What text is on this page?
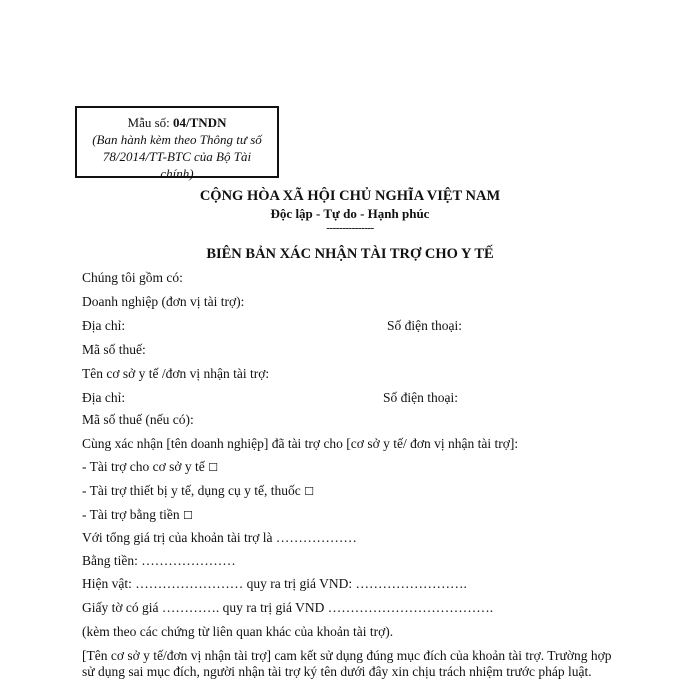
Mẫu số: 04/TNDN
(Ban hành kèm theo Thông tư số
78/2014/TT-BTC của Bộ Tài
chính)
CỘNG HÒA XÃ HỘI CHỦ NGHĨA VIỆT NAM
Độc lập - Tự do - Hạnh phúc
---------------
BIÊN BẢN XÁC NHẬN TÀI TRỢ CHO Y TẾ
Chúng tôi gồm có:
Doanh nghiệp (đơn vị tài trợ):
Địa chỉ:	Số điện thoại:
Mã số thuế:
Tên cơ sở y tế /đơn vị nhận tài trợ:
Địa chỉ:	Số điện thoại:
Mã số thuế (nếu có):
Cùng xác nhận [tên doanh nghiệp] đã tài trợ cho [cơ sở y tế/ đơn vị nhận tài trợ]:
- Tài trợ cho cơ sở y tế ☐
- Tài trợ thiết bị y tế, dụng cụ y tế, thuốc ☐
- Tài trợ bằng tiền ☐
Với tổng giá trị của khoản tài trợ là ………………
Bằng tiền: …………………
Hiện vật: …………………… quy ra trị giá VND: …………………….
Giấy tờ có giá …………. quy ra trị giá VND ……………………………….
(kèm theo các chứng từ liên quan khác của khoản tài trợ).
[Tên cơ sở y tế/đơn vị nhận tài trợ] cam kết sử dụng đúng mục đích của khoản tài trợ. Trường hợp sử dụng sai mục đích, người nhận tài trợ ký tên dưới đây xin chịu trách nhiệm trước pháp luật.
